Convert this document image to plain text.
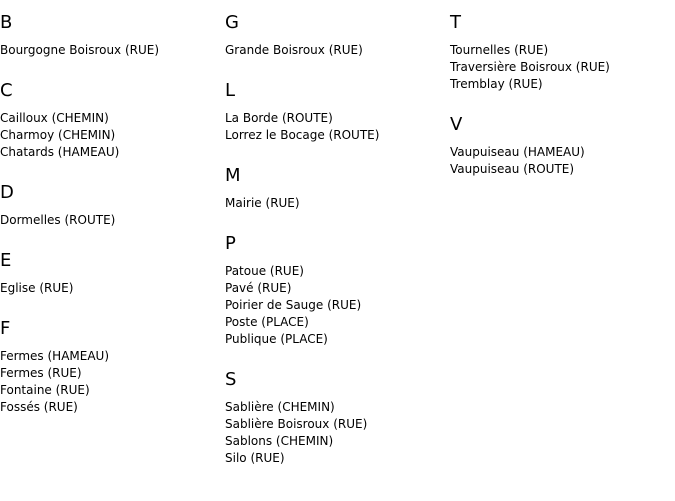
B
Bourgogne Boisroux (RUE)
C
Cailloux (CHEMIN)
Charmoy (CHEMIN)
Chatards (HAMEAU)
D
Dormelles (ROUTE)
E
Eglise (RUE)
F
Fermes (HAMEAU)
Fermes (RUE)
Fontaine (RUE)
Fossés (RUE)
G
Grande Boisroux (RUE)
L
La Borde (ROUTE)
Lorrez le Bocage (ROUTE)
M
Mairie (RUE)
P
Patoue (RUE)
Pavé (RUE)
Poirier de Sauge (RUE)
Poste (PLACE)
Publique (PLACE)
S
Sablière (CHEMIN)
Sablière Boisroux (RUE)
Sablons (CHEMIN)
Silo (RUE)
T
Tournelles (RUE)
Traversière Boisroux (RUE)
Tremblay (RUE)
V
Vaupuiseau (HAMEAU)
Vaupuiseau (ROUTE)
